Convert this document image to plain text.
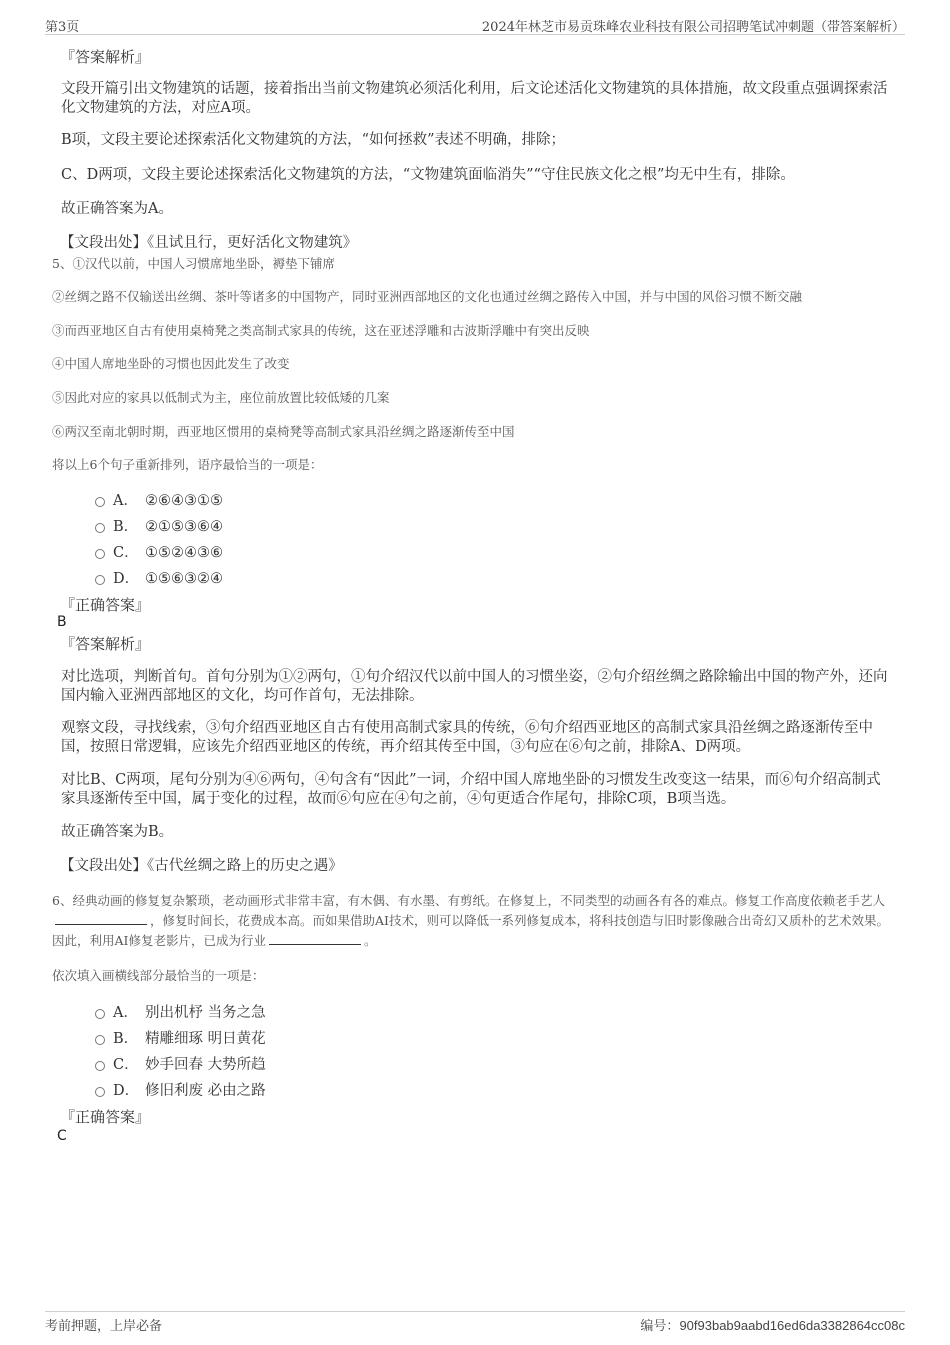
第3页	2024年林芝市易贡珠峰农业科技有限公司招聘笔试冲刺题（带答案解析）
『答案解析』
文段开篇引出文物建筑的话题，接着指出当前文物建筑必须活化利用，后文论述活化文物建筑的具体措施，故文段重点强调探索活化文物建筑的方法，对应A项。
B项，文段主要论述探索活化文物建筑的方法，“如何拯救”表述不明确，排除；
C、D两项，文段主要论述探索活化文物建筑的方法，“文物建筑面临消失”“守住民族文化之根”均无中生有，排除。
故正确答案为A。
【文段出处】《且试且行，更好活化文物建筑》
5、①汉代以前，中国人习惯席地坐卧，褥垫下铺席
②丝绸之路不仅输送出丝绸、茶叶等诸多的中国物产，同时亚洲西部地区的文化也通过丝绸之路传入中国，并与中国的风俗习惯不断交融
③而西亚地区自古有使用桌椅凳之类高制式家具的传统，这在亚述浮雕和古波斯浮雕中有突出反映
④中国人席地坐卧的习惯也因此发生了改变
⑤因此对应的家具以低制式为主，座位前放置比较低矮的几案
⑥两汉至南北朝时期，西亚地区惯用的桌椅凳等高制式家具沿丝绸之路逐渐传至中国
将以上6个句子重新排列，语序最恰当的一项是：
A． ②⑥④③①⑤
B． ②①⑤③⑥④
C． ①⑤②④③⑥
D． ①⑤⑥③②④
『正确答案』
B
『答案解析』
对比选项，判断首句。首句分别为①②两句，①句介绍汉代以前中国人的习惯坐姿，②句介绍丝绸之路除输出中国的物产外，还向国内输入亚洲西部地区的文化，均可作首句，无法排除。
观察文段，寻找线索，③句介绍西亚地区自古有使用高制式家具的传统，⑥句介绍西亚地区的高制式家具沿丝绸之路逐渐传至中国，按照日常逻辑，应该先介绍西亚地区的传统，再介绍其传至中国，③句应在⑥句之前，排除A、D两项。
对比B、C两项，尾句分别为④⑥两句，④句含有“因此”一词，介绍中国人席地坐卧的习惯发生改变这一结果，而⑥句介绍高制式家具逐渐传至中国，属于变化的过程，故而⑥句应在④句之前，④句更适合作尾句，排除C项，B项当选。
故正确答案为B。
【文段出处】《古代丝绸之路上的历史之遇》
6、经典动画的修复复杂繁琐，老动画形式非常丰富，有木偶、有水墨、有剪纸。在修复上，不同类型的动画各有各的难点。修复工作高度依赖老手艺人，修复时间长，花费成本高。而如果借助AI技术，则可以降低一系列修复成本，将科技创造与旧时影像融合出奇幻又质朴的艺术效果。因此，利用AI修复老影片，已成为行业	。
依次填入画横线部分最恰当的一项是：
A． 别出机杼 当务之急
B． 精雕细琢 明日黄花
C． 妙手回春 大势所趋
D． 修旧利废 必由之路
『正确答案』
C
考前押题，上岸必备	编号：90f93bab9aabd16ed6da3382864cc08c
